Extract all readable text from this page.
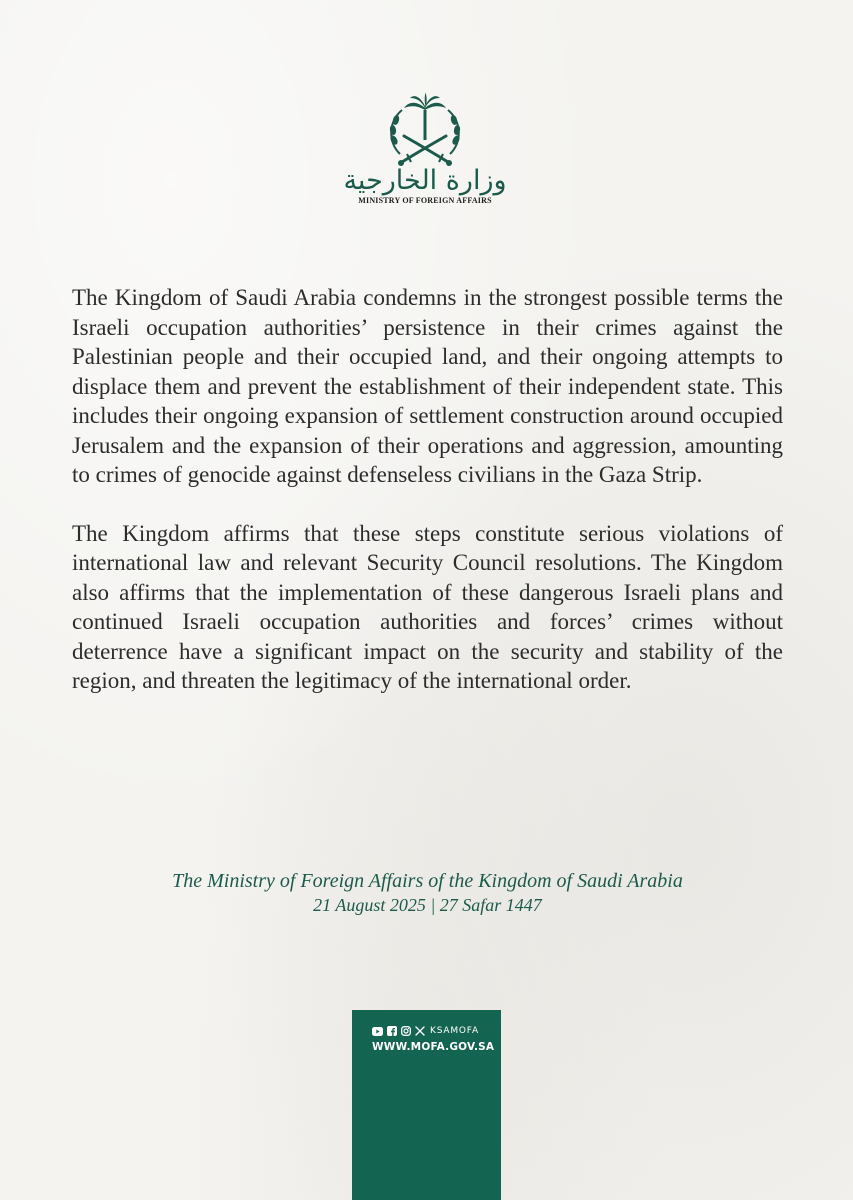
وزارة الخارجية
MINISTRY OF FOREIGN AFFAIRS

The Kingdom of Saudi Arabia condemns in the strongest possible terms the Israeli occupation authorities’ persistence in their crimes against the Palestinian people and their occupied land, and their ongoing attempts to displace them and prevent the establishment of their independent state. This includes their ongoing expansion of settlement construction around occupied Jerusalem and the expansion of their operations and aggression, amounting to crimes of genocide against defenseless civilians in the Gaza Strip.

The Kingdom affirms that these steps constitute serious violations of international law and relevant Security Council resolutions. The Kingdom also affirms that the implementation of these dangerous Israeli plans and continued Israeli occupation authorities and forces’ crimes without deterrence have a significant impact on the security and stability of the region, and threaten the legitimacy of the international order.

The Ministry of Foreign Affairs of the Kingdom of Saudi Arabia
21 August 2025 | 27 Safar 1447
KSAMOFA
WWW.MOFA.GOV.SA
